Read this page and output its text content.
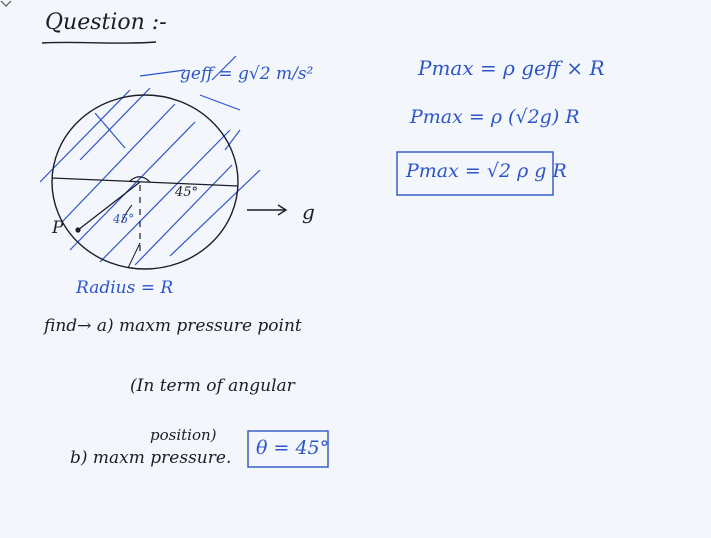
Question :-
geff = g√2 m/s²
g
45°
45°
P
Radius = R
Pmax = ρ geff × R
Pmax = ρ (√2g) R
Pmax = √2 ρ g R
find→ a) maxm pressure point
(In term of angular
position)
θ = 45°
b) maxm pressure.
